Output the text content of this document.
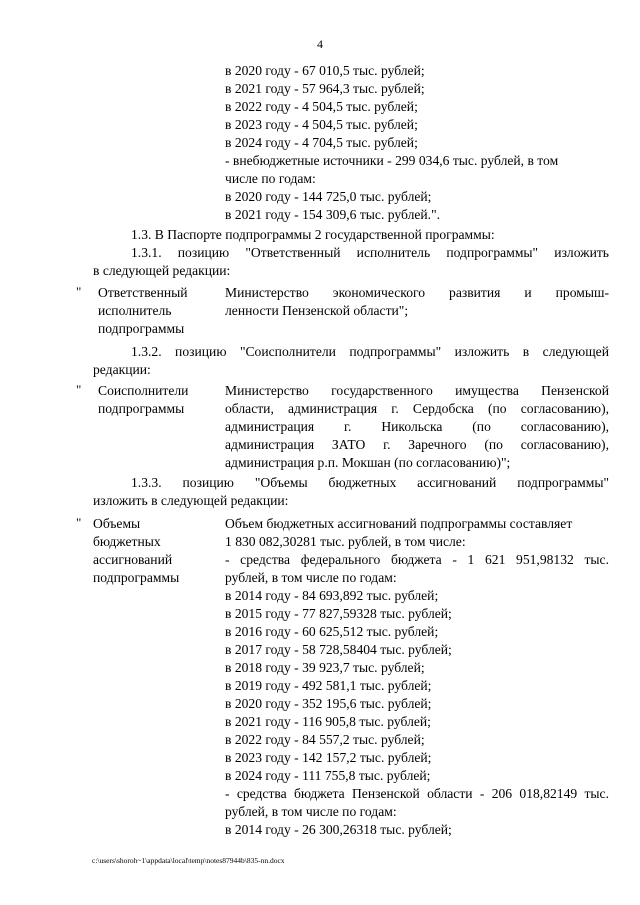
4
в 2020 году - 67 010,5 тыс. рублей;
в 2021 году - 57 964,3 тыс. рублей;
в 2022 году - 4 504,5 тыс. рублей;
в 2023 году - 4 504,5 тыс. рублей;
в 2024 году - 4 704,5 тыс. рублей;
- внебюджетные источники - 299 034,6 тыс. рублей, в том
числе по годам:
в 2020 году - 144 725,0 тыс. рублей;
в 2021 году - 154 309,6 тыс. рублей.".
1.3. В Паспорте подпрограммы 2 государственной программы:
1.3.1. позицию "Ответственный исполнитель подпрограммы" изложить
в следующей редакции:
" Ответственный
исполнитель
подпрограммы
Министерство экономического развития и промыш-
ленности Пензенской области";
1.3.2. позицию "Соисполнители подпрограммы" изложить в следующей
редакции:
" Соисполнители
подпрограммы
Министерство государственного имущества Пензенской
области, администрация г. Сердобска (по согласованию),
администрация г. Никольска (по согласованию),
администрация ЗАТО г. Заречного (по согласованию),
администрация р.п. Мокшан (по согласованию)";
1.3.3. позицию "Объемы бюджетных ассигнований подпрограммы"
изложить в следующей редакции:
" Объемы
бюджетных
ассигнований
подпрограммы
Объем бюджетных ассигнований подпрограммы составляет
1 830 082,30281 тыс. рублей, в том числе:
- средства федерального бюджета - 1 621 951,98132 тыс.
рублей, в том числе по годам:
в 2014 году - 84 693,892 тыс. рублей;
в 2015 году - 77 827,59328 тыс. рублей;
в 2016 году - 60 625,512 тыс. рублей;
в 2017 году - 58 728,58404 тыс. рублей;
в 2018 году - 39 923,7 тыс. рублей;
в 2019 году - 492 581,1 тыс. рублей;
в 2020 году - 352 195,6 тыс. рублей;
в 2021 году - 116 905,8 тыс. рублей;
в 2022 году - 84 557,2 тыс. рублей;
в 2023 году - 142 157,2 тыс. рублей;
в 2024 году - 111 755,8 тыс. рублей;
- средства бюджета Пензенской области - 206 018,82149 тыс.
рублей, в том числе по годам:
в 2014 году - 26 300,26318 тыс. рублей;
c:\users\shoroh~1\appdata\local\temp\notes87944b\835-nn.docx
